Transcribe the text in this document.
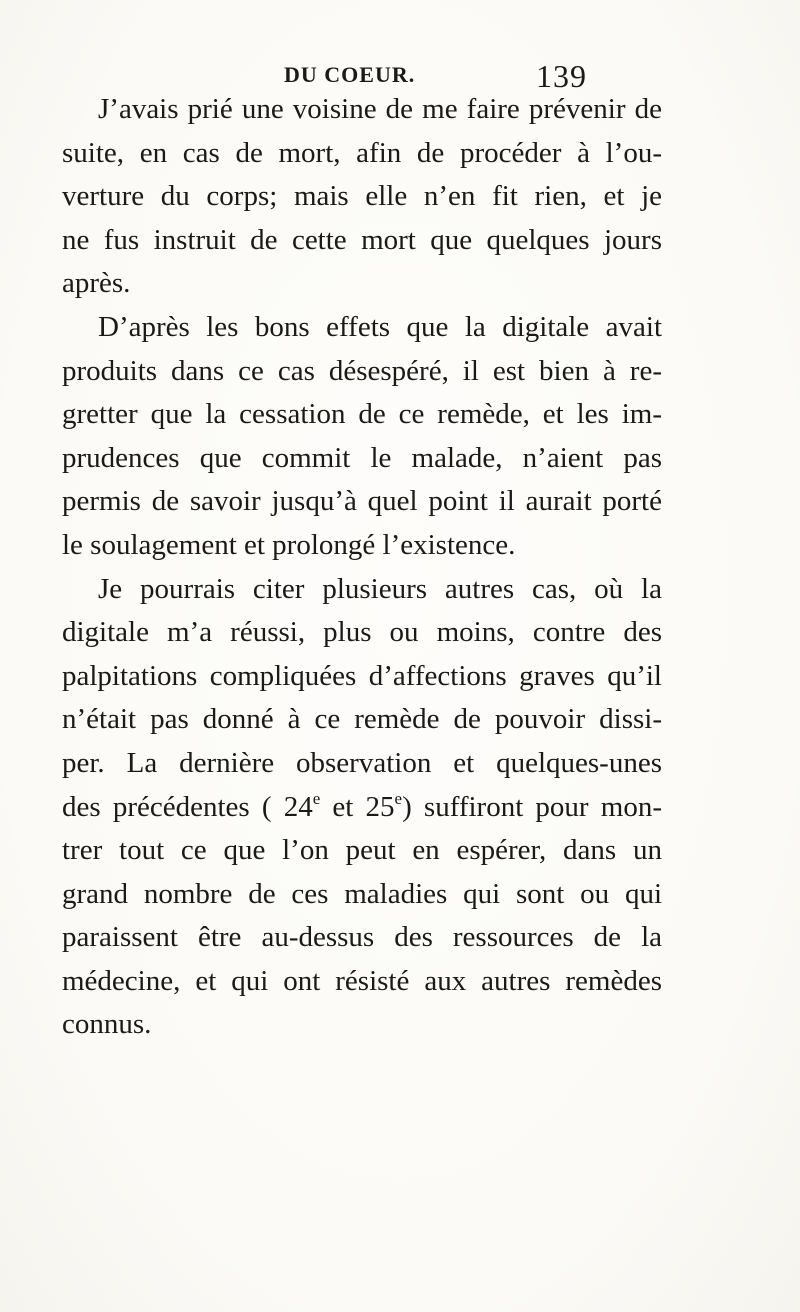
DU COEUR.	139
J’avais prié une voisine de me faire prévenir de
suite, en cas de mort, afin de procéder à l’ou-
verture du corps; mais elle n’en fit rien, et je
ne fus instruit de cette mort que quelques jours
après.
D’après les bons effets que la digitale avait
produits dans ce cas désespéré, il est bien à re-
gretter que la cessation de ce remède, et les im-
prudences que commit le malade, n’aient pas
permis de savoir jusqu’à quel point il aurait porté
le soulagement et prolongé l’existence.
Je pourrais citer plusieurs autres cas, où la
digitale m’a réussi, plus ou moins, contre des
palpitations compliquées d’affections graves qu’il
n’était pas donné à ce remède de pouvoir dissi-
per. La dernière observation et quelques-unes
des précédentes ( 24e et 25e) suffiront pour mon-
trer tout ce que l’on peut en espérer, dans un
grand nombre de ces maladies qui sont ou qui
paraissent être au-dessus des ressources de la
médecine, et qui ont résisté aux autres remèdes
connus.
